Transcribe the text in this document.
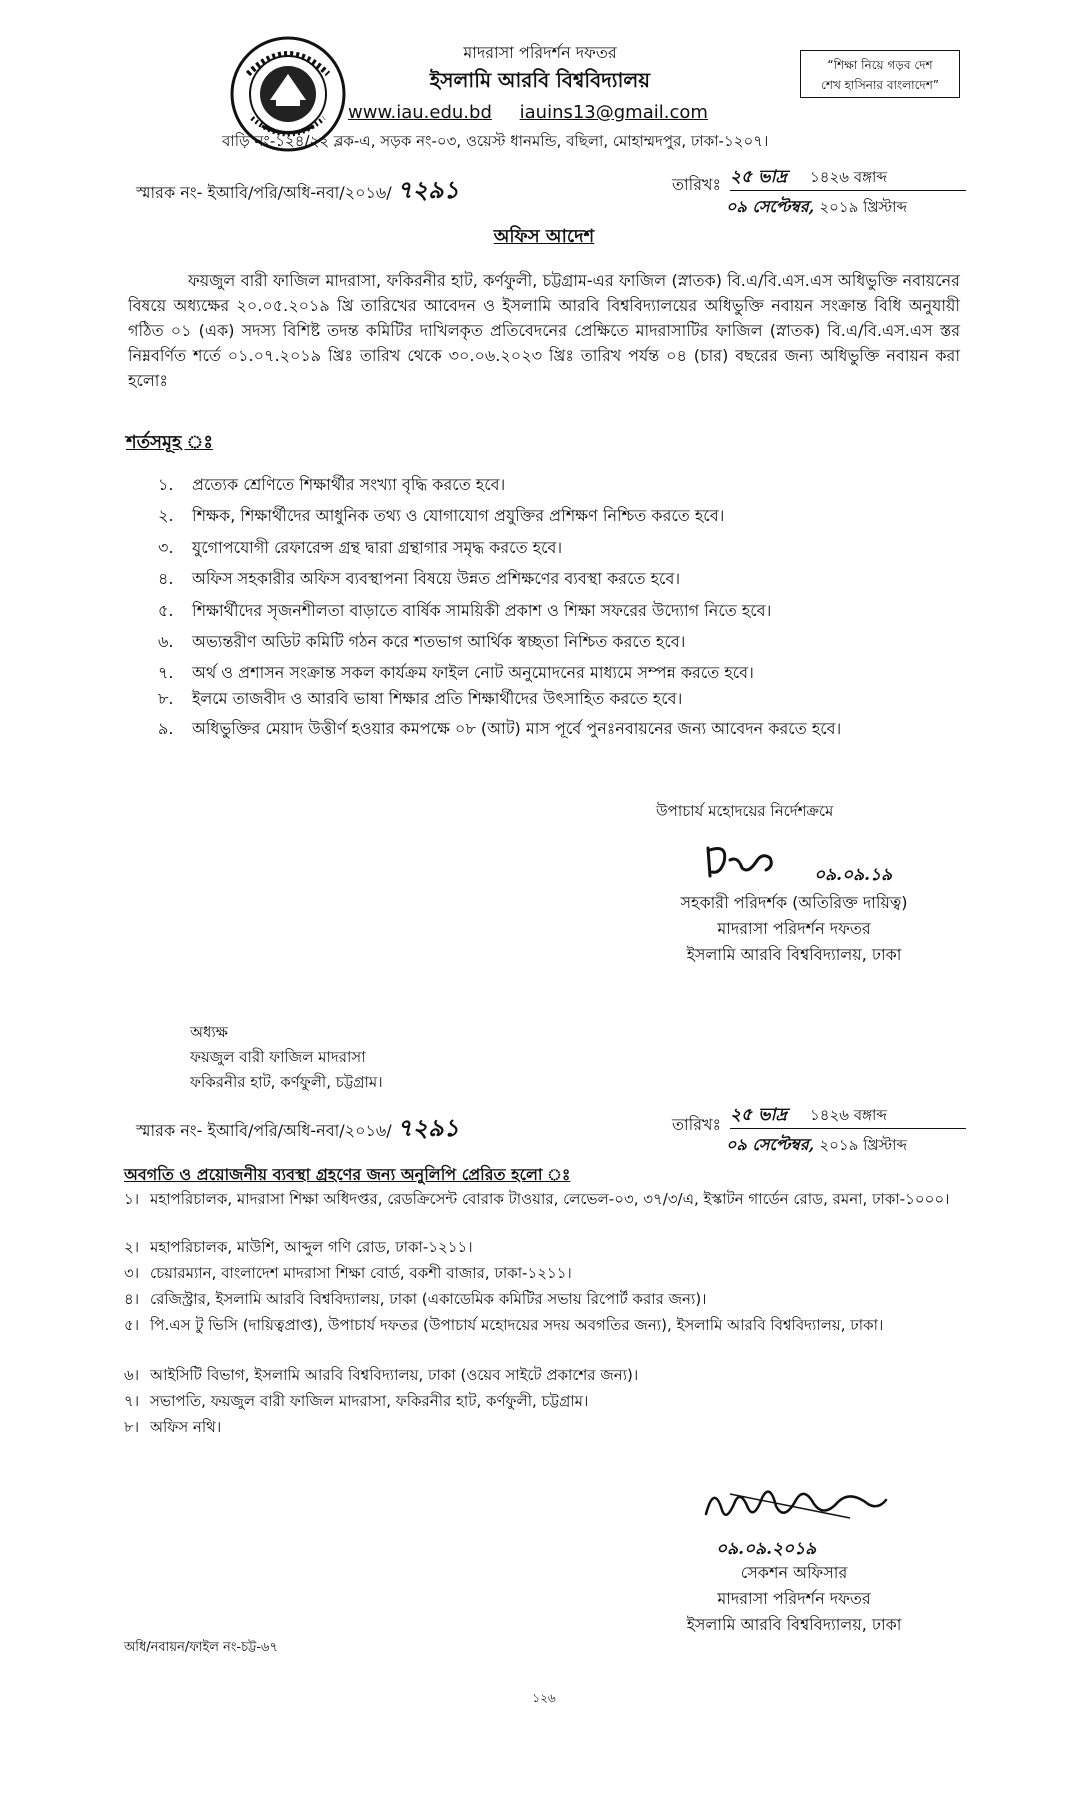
মাদরাসা পরিদর্শন দফতর
ইসলামি আরবি বিশ্ববিদ্যালয়
www.iau.edu.bd iauins13@gmail.com
বাড়ি নং-১২৪/২২ ব্লক-এ, সড়ক নং-০৩, ওয়েস্ট ধানমন্ডি, বছিলা, মোহাম্মদপুর, ঢাকা-১২০৭।
“শিক্ষা নিয়ে গড়ব দেশ
শেখ হাসিনার বাংলাদেশ”
স্মারক নং- ইআবি/পরি/অধি-নবা/২০১৬/ ৭২৯১	তারিখঃ ২৫ ভাদ্র ১৪২৬ বঙ্গাব্দ
০৯ সেপ্টেম্বর, ২০১৯ খ্রিস্টাব্দ
অফিস আদেশ
ফয়জুল বারী ফাজিল মাদরাসা, ফকিরনীর হাট, কর্ণফুলী, চট্টগ্রাম-এর ফাজিল (স্নাতক) বি.এ/বি.এস.এস অধিভুক্তি নবায়নের বিষয়ে অধ্যক্ষের ২০.০৫.২০১৯ খ্রি তারিখের আবেদন ও ইসলামি আরবি বিশ্ববিদ্যালয়ের অধিভুক্তি নবায়ন সংক্রান্ত বিধি অনুযায়ী গঠিত ০১ (এক) সদস্য বিশিষ্ট তদন্ত কমিটির দাখিলকৃত প্রতিবেদনের প্রেক্ষিতে মাদরাসাটির ফাজিল (স্নাতক) বি.এ/বি.এস.এস স্তর নিম্নবর্ণিত শর্তে ০১.০৭.২০১৯ খ্রিঃ তারিখ থেকে ৩০.০৬.২০২৩ খ্রিঃ তারিখ পর্যন্ত ০৪ (চার) বছরের জন্য অধিভুক্তি নবায়ন করা হলোঃ
শর্তসমূহ ঃ
১.	প্রত্যেক শ্রেণিতে শিক্ষার্থীর সংখ্যা বৃদ্ধি করতে হবে।
২.	শিক্ষক, শিক্ষার্থীদের আধুনিক তথ্য ও যোগাযোগ প্রযুক্তির প্রশিক্ষণ নিশ্চিত করতে হবে।
৩.	যুগোপযোগী রেফারেন্স গ্রন্থ দ্বারা গ্রন্থাগার সমৃদ্ধ করতে হবে।
৪.	অফিস সহকারীর অফিস ব্যবস্থাপনা বিষয়ে উন্নত প্রশিক্ষণের ব্যবস্থা করতে হবে।
৫.	শিক্ষার্থীদের সৃজনশীলতা বাড়াতে বার্ষিক সাময়িকী প্রকাশ ও শিক্ষা সফরের উদ্যোগ নিতে হবে।
৬.	অভ্যন্তরীণ অডিট কমিটি গঠন করে শতভাগ আর্থিক স্বচ্ছতা নিশ্চিত করতে হবে।
৭.	অর্থ ও প্রশাসন সংক্রান্ত সকল কার্যক্রম ফাইল নোট অনুমোদনের মাধ্যমে সম্পন্ন করতে হবে।
৮.	ইলমে তাজবীদ ও আরবি ভাষা শিক্ষার প্রতি শিক্ষার্থীদের উৎসাহিত করতে হবে।
৯.	অধিভুক্তির মেয়াদ উত্তীর্ণ হওয়ার কমপক্ষে ০৮ (আট) মাস পূর্বে পুনঃনবায়নের জন্য আবেদন করতে হবে।
উপাচার্য মহোদয়ের নির্দেশক্রমে
০৯.০৯.১৯
সহকারী পরিদর্শক (অতিরিক্ত দায়িত্ব)
মাদরাসা পরিদর্শন দফতর
ইসলামি আরবি বিশ্ববিদ্যালয়, ঢাকা
অধ্যক্ষ
ফয়জুল বারী ফাজিল মাদরাসা
ফকিরনীর হাট, কর্ণফুলী, চট্টগ্রাম।
স্মারক নং- ইআবি/পরি/অধি-নবা/২০১৬/ ৭২৯১	তারিখঃ ২৫ ভাদ্র ১৪২৬ বঙ্গাব্দ
০৯ সেপ্টেম্বর, ২০১৯ খ্রিস্টাব্দ
অবগতি ও প্রয়োজনীয় ব্যবস্থা গ্রহণের জন্য অনুলিপি প্রেরিত হলো ঃ
১। মহাপরিচালক, মাদরাসা শিক্ষা অধিদপ্তর, রেডক্রিসেন্ট বোরাক টাওয়ার, লেভেল-০৩, ৩৭/৩/এ, ইস্কাটন গার্ডেন রোড, রমনা, ঢাকা-১০০০।
২। মহাপরিচালক, মাউশি, আব্দুল গণি রোড, ঢাকা-১২১১।
৩। চেয়ারম্যান, বাংলাদেশ মাদরাসা শিক্ষা বোর্ড, বকশী বাজার, ঢাকা-১২১১।
৪। রেজিস্ট্রার, ইসলামি আরবি বিশ্ববিদ্যালয়, ঢাকা (একাডেমিক কমিটির সভায় রিপোর্ট করার জন্য)।
৫। পি.এস টু ভিসি (দায়িত্বপ্রাপ্ত), উপাচার্য দফতর (উপাচার্য মহোদয়ের সদয় অবগতির জন্য), ইসলামি আরবি বিশ্ববিদ্যালয়, ঢাকা।
৬। আইসিটি বিভাগ, ইসলামি আরবি বিশ্ববিদ্যালয়, ঢাকা (ওয়েব সাইটে প্রকাশের জন্য)।
৭। সভাপতি, ফয়জুল বারী ফাজিল মাদরাসা, ফকিরনীর হাট, কর্ণফুলী, চট্টগ্রাম।
৮। অফিস নথি।
০৯.০৯.২০১৯
সেকশন অফিসার
মাদরাসা পরিদর্শন দফতর
ইসলামি আরবি বিশ্ববিদ্যালয়, ঢাকা
অধি/নবায়ন/ফাইল নং-চট্ট-৬৭
১২৬
